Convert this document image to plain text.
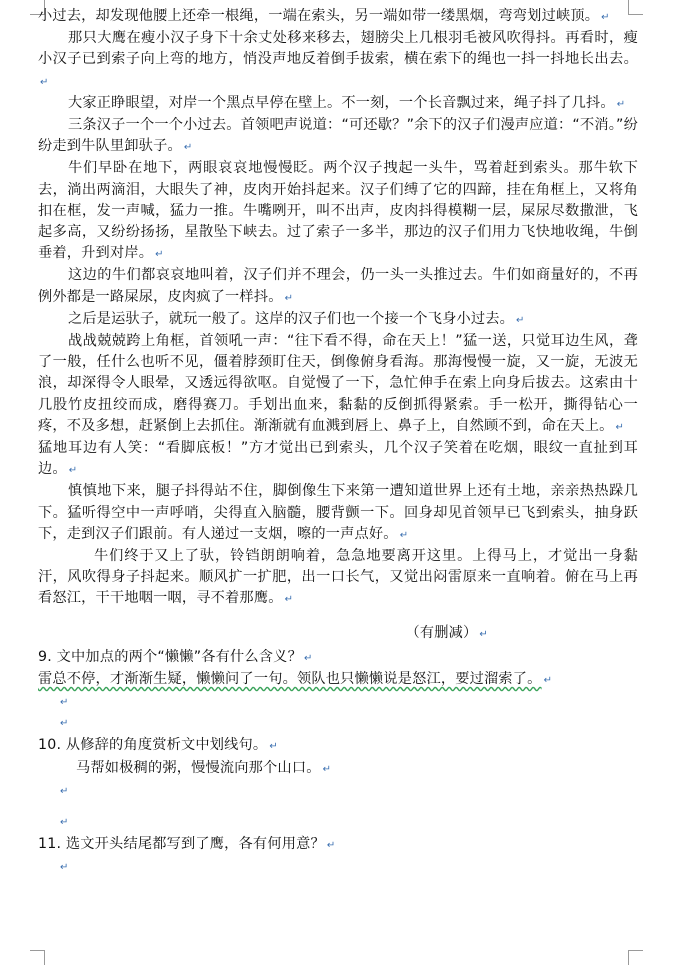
小过去，却发现他腰上还牵一根绳，一端在索头，另一端如带一缕黑烟，弯弯划过峡顶。 ↵

那只大鹰在瘦小汉子身下十余丈处移来移去，翅膀尖上几根羽毛被风吹得抖。再看时，瘦小汉子已到索子向上弯的地方，悄没声地反着倒手拔索，横在索下的绳也一抖一抖地长出去。↵

大家正睁眼望，对岸一个黑点早停在壁上。不一刻，一个长音飘过来，绳子抖了几抖。 ↵

三条汉子一个一个小过去。首领吧声说道：“可还歇？”余下的汉子们漫声应道：“不消。”纷纷走到牛队里卸驮子。 ↵

牛们早卧在地下，两眼哀哀地慢慢眨。两个汉子拽起一头牛，骂着赶到索头。那牛软下去，淌出两滴泪，大眼失了神，皮肉开始抖起来。汉子们缚了它的四蹄，挂在角框上，又将角扣在框，发一声喊，猛力一推。牛嘴咧开，叫不出声，皮肉抖得模糊一层，屎尿尽数撒泄，飞起多高，又纷纷扬扬，星散坠下峡去。过了索子一多半，那边的汉子们用力飞快地收绳，牛倒垂着，升到对岸。 ↵

这边的牛们都哀哀地叫着，汉子们并不理会，仍一头一头推过去。牛们如商量好的，不再例外都是一路屎尿，皮肉疯了一样抖。 ↵

之后是运驮子，就玩一般了。这岸的汉子们也一个接一个飞身小过去。 ↵

战战兢兢跨上角框，首领吼一声：“往下看不得，命在天上！”猛一送，只觉耳边生风，聋了一般，任什么也听不见，僵着脖颈盯住天，倒像俯身看海。那海慢慢一旋，又一旋，无波无浪，却深得令人眼晕，又透远得欲呕。自觉慢了一下，急忙伸手在索上向身后拔去。这索由十几股竹皮扭绞而成，磨得赛刀。手划出血来，黏黏的反倒抓得紧索。手一松开，撕得钻心一疼，不及多想，赶紧倒上去抓住。渐渐就有血溅到唇上、鼻子上，自然顾不到，命在天上。 ↵

猛地耳边有人笑：“看脚底板！”方才觉出已到索头，几个汉子笑着在吃烟，眼纹一直扯到耳边。 ↵

慎慎地下来，腿子抖得站不住，脚倒像生下来第一遭知道世界上还有土地，亲亲热热跺几下。猛听得空中一声呼哨，尖得直入脑髓，腰背颤一下。回身却见首领早已飞到索头，抽身跃下，走到汉子们跟前。有人递过一支烟，嚓的一声点好。 ↵

牛们终于又上了驮，铃铛朗朗响着，急急地要离开这里。上得马上，才觉出一身黏汗，风吹得身子抖起来。顺风扩一扩肥，出一口长气，又觉出闷雷原来一直响着。俯在马上再看怒江，干干地咽一咽，寻不着那鹰。 ↵

（有删减） ↵

9. 文中加点的两个“懒懒”各有什么含义？ ↵

雷总不停，才渐渐生疑，懒懒问了一句。领队也只懒懒说是怒江，要过溜索了。 ↵

↵

↵

10. 从修辞的角度赏析文中划线句。 ↵

马帮如极稠的粥，慢慢流向那个山口。 ↵

↵

↵

11. 选文开头结尾都写到了鹰，各有何用意？ ↵

↵
